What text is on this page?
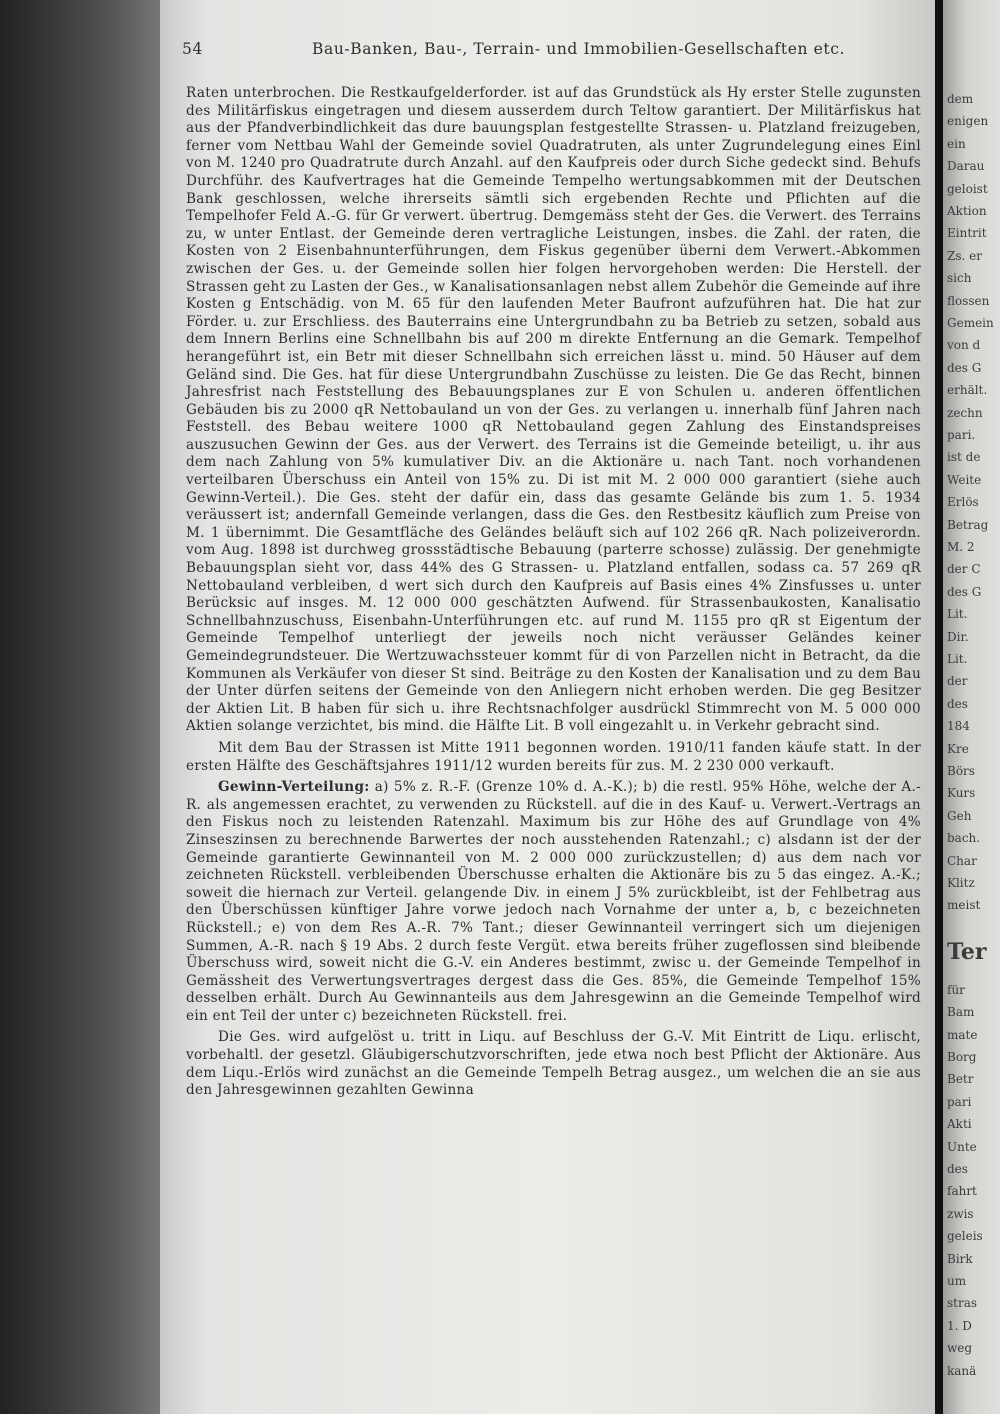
54	Bau-Banken, Bau-, Terrain- und Immobilien-Gesellschaften etc.

Raten unterbrochen. Die Restkaufgelderforder. ist auf das Grundstück als Hy erster Stelle zugunsten des Militärfiskus eingetragen und diesem ausserdem durch Teltow garantiert. Der Militärfiskus hat aus der Pfandverbindlichkeit das dure bauungsplan festgestellte Strassen- u. Platzland freizugeben, ferner vom Nettbau Wahl der Gemeinde soviel Quadratruten, als unter Zugrundelegung eines Einl von M. 1240 pro Quadratrute durch Anzahl. auf den Kaufpreis oder durch Siche gedeckt sind. Behufs Durchführ. des Kaufvertrages hat die Gemeinde Tempelho wertungsabkommen mit der Deutschen Bank geschlossen, welche ihrerseits sämtli sich ergebenden Rechte und Pflichten auf die Tempelhofer Feld A.-G. für Gr verwert. übertrug. Demgemäss steht der Ges. die Verwert. des Terrains zu, w unter Entlast. der Gemeinde deren vertragliche Leistungen, insbes. die Zahl. der raten, die Kosten von 2 Eisenbahnunterführungen, dem Fiskus gegenüber überni dem Verwert.-Abkommen zwischen der Ges. u. der Gemeinde sollen hier folgen hervorgehoben werden: Die Herstell. der Strassen geht zu Lasten der Ges., w Kanalisationsanlagen nebst allem Zubehör die Gemeinde auf ihre Kosten g Entschädig. von M. 65 für den laufenden Meter Baufront aufzuführen hat. Die hat zur Förder. u. zur Erschliess. des Bauterrains eine Untergrundbahn zu ba Betrieb zu setzen, sobald aus dem Innern Berlins eine Schnellbahn bis auf 200 m direkte Entfernung an die Gemark. Tempelhof herangeführt ist, ein Betr mit dieser Schnellbahn sich erreichen lässt u. mind. 50 Häuser auf dem Geländ sind. Die Ges. hat für diese Untergrundbahn Zuschüsse zu leisten. Die Ge das Recht, binnen Jahresfrist nach Feststellung des Bebauungsplanes zur E von Schulen u. anderen öffentlichen Gebäuden bis zu 2000 qR Nettobauland un von der Ges. zu verlangen u. innerhalb fünf Jahren nach Feststell. des Bebau weitere 1000 qR Nettobauland gegen Zahlung des Einstandspreises auszusuchen Gewinn der Ges. aus der Verwert. des Terrains ist die Gemeinde beteiligt, u. ihr aus dem nach Zahlung von 5% kumulativer Div. an die Aktionäre u. nach Tant. noch vorhandenen verteilbaren Überschuss ein Anteil von 15% zu. Di ist mit M. 2 000 000 garantiert (siehe auch Gewinn-Verteil.). Die Ges. steht der dafür ein, dass das gesamte Gelände bis zum 1. 5. 1934 veräussert ist; andernfall Gemeinde verlangen, dass die Ges. den Restbesitz käuflich zum Preise von M. 1 übernimmt. Die Gesamtfläche des Geländes beläuft sich auf 102 266 qR. Nach polizeiverordn. vom Aug. 1898 ist durchweg grossstädtische Bebauung (parterre schosse) zulässig. Der genehmigte Bebauungsplan sieht vor, dass 44% des G Strassen- u. Platzland entfallen, sodass ca. 57 269 qR Nettobauland verbleiben, d wert sich durch den Kaufpreis auf Basis eines 4% Zinsfusses u. unter Berücksic auf insges. M. 12 000 000 geschätzten Aufwend. für Strassenbaukosten, Kanalisatio Schnellbahnzuschuss, Eisenbahn-Unterführungen etc. auf rund M. 1155 pro qR st Eigentum der Gemeinde Tempelhof unterliegt der jeweils noch nicht veräusser Geländes keiner Gemeindegrundsteuer. Die Wertzuwachssteuer kommt für di von Parzellen nicht in Betracht, da die Kommunen als Verkäufer von dieser St sind. Beiträge zu den Kosten der Kanalisation und zu dem Bau der Unter dürfen seitens der Gemeinde von den Anliegern nicht erhoben werden. Die geg Besitzer der Aktien Lit. B haben für sich u. ihre Rechtsnachfolger ausdrückl Stimmrecht von M. 5 000 000 Aktien solange verzichtet, bis mind. die Hälfte Lit. B voll eingezahlt u. in Verkehr gebracht sind.

Mit dem Bau der Strassen ist Mitte 1911 begonnen worden. 1910/11 fanden käufe statt. In der ersten Hälfte des Geschäftsjahres 1911/12 wurden bereits für zus. M. 2 230 000 verkauft.

Gewinn-Verteilung: a) 5% z. R.-F. (Grenze 10% d. A.-K.); b) die restl. 95% Höhe, welche der A.-R. als angemessen erachtet, zu verwenden zu Rückstell. auf die in des Kauf- u. Verwert.-Vertrags an den Fiskus noch zu leistenden Ratenzahl. Maximum bis zur Höhe des auf Grundlage von 4% Zinseszinsen zu berechnende Barwertes der noch ausstehenden Ratenzahl.; c) alsdann ist der der Gemeinde garantierte Gewinnanteil von M. 2 000 000 zurückzustellen; d) aus dem nach vor zeichneten Rückstell. verbleibenden Überschusse erhalten die Aktionäre bis zu 5 das eingez. A.-K.; soweit die hiernach zur Verteil. gelangende Div. in einem J 5% zurückbleibt, ist der Fehlbetrag aus den Überschüssen künftiger Jahre vorwe jedoch nach Vornahme der unter a, b, c bezeichneten Rückstell.; e) von dem Res A.-R. 7% Tant.; dieser Gewinnanteil verringert sich um diejenigen Summen, A.-R. nach § 19 Abs. 2 durch feste Vergüt. etwa bereits früher zugeflossen sind bleibende Überschuss wird, soweit nicht die G.-V. ein Anderes bestimmt, zwisc u. der Gemeinde Tempelhof in Gemässheit des Verwertungsvertrages dergest dass die Ges. 85%, die Gemeinde Tempelhof 15% desselben erhält. Durch Au Gewinnanteils aus dem Jahresgewinn an die Gemeinde Tempelhof wird ein ent Teil der unter c) bezeichneten Rückstell. frei.

Die Ges. wird aufgelöst u. tritt in Liqu. auf Beschluss der G.-V. Mit Eintritt de Liqu. erlischt, vorbehaltl. der gesetzl. Gläubigerschutzvorschriften, jede etwa noch best Pflicht der Aktionäre. Aus dem Liqu.-Erlös wird zunächst an die Gemeinde Tempelh Betrag ausgez., um welchen die an sie aus den Jahresgewinnen gezahlten Gewinna

dem
enigen
ein
Darau
geloist
Aktion
Eintrit
Zs. er
sich
flossen
Gemein
von d
des G
erhält.
zechn
pari.
ist de
Weite
Erlös
Betrag
M. 2
der C
des G
Lit.
Dir.
Lit.
der
des
184
Kre
Börs
Kurs
Geh
bach.
Char
Klitz
meist
Ter
für
Bam
mate
Borg
Betr
pari
Akti
Unte
des
fahrt
zwis
geleis
Birk
um
stras
1. D
weg
kanä
